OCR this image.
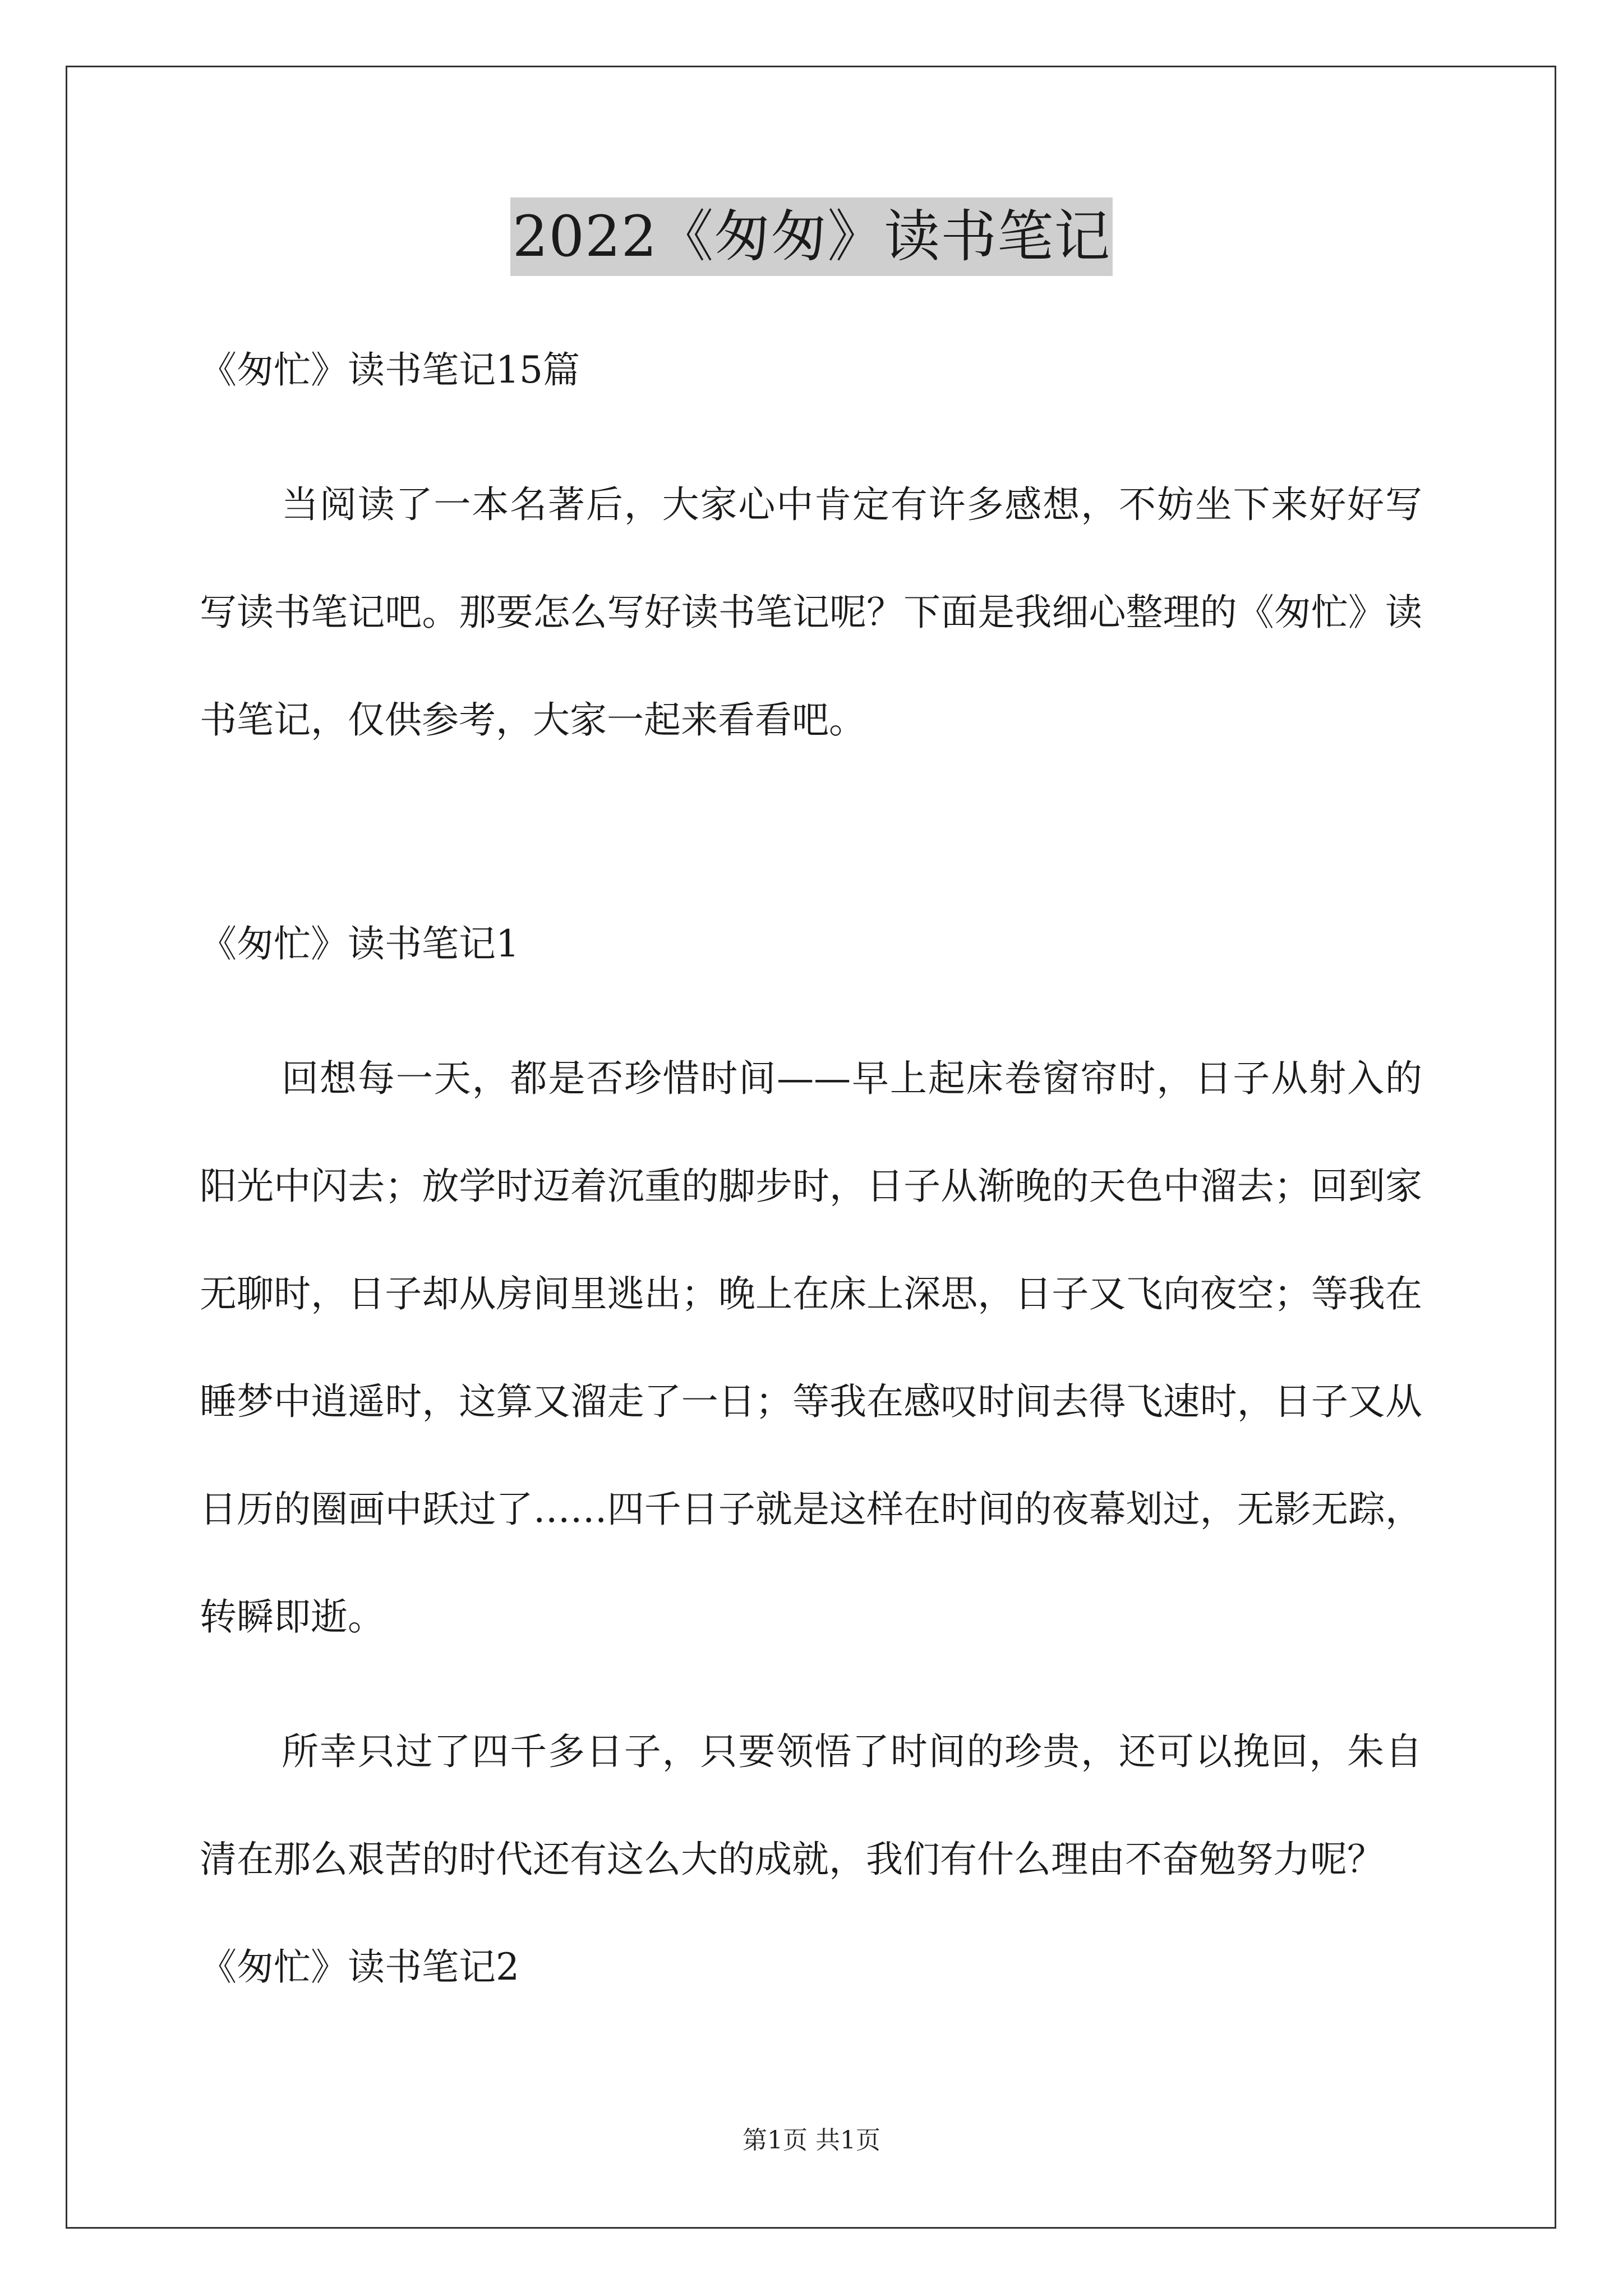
2022《匆匆》读书笔记

《匆忙》读书笔记15篇

当阅读了一本名著后，大家心中肯定有许多感想，不妨坐下来好好写写读书笔记吧。那要怎么写好读书笔记呢？下面是我细心整理的《匆忙》读书笔记，仅供参考，大家一起来看看吧。

《匆忙》读书笔记1

回想每一天，都是否珍惜时间——早上起床卷窗帘时，日子从射入的阳光中闪去；放学时迈着沉重的脚步时，日子从渐晚的天色中溜去；回到家无聊时，日子却从房间里逃出；晚上在床上深思，日子又飞向夜空；等我在睡梦中逍遥时，这算又溜走了一日；等我在感叹时间去得飞速时，日子又从日历的圈画中跃过了……四千日子就是这样在时间的夜幕划过，无影无踪，转瞬即逝。

所幸只过了四千多日子，只要领悟了时间的珍贵，还可以挽回，朱自清在那么艰苦的时代还有这么大的成就，我们有什么理由不奋勉努力呢？

《匆忙》读书笔记2

第1页 共1页
